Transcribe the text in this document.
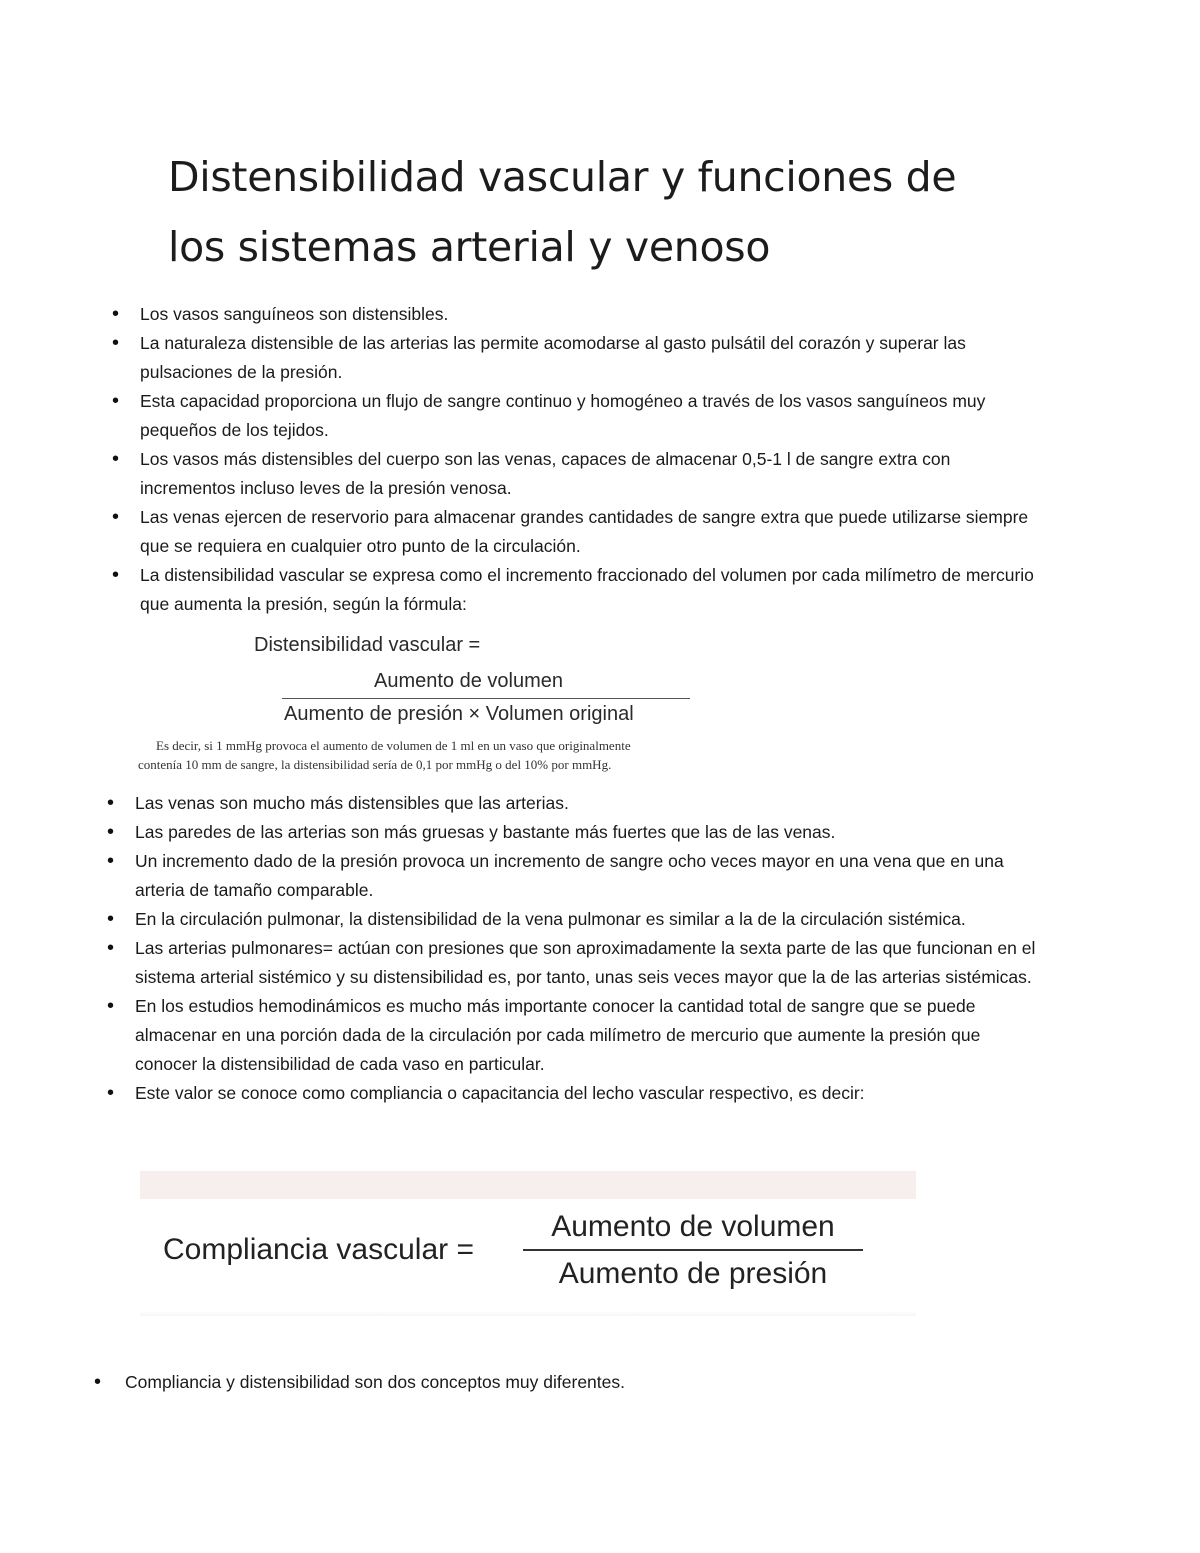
Distensibilidad vascular y funciones de
los sistemas arterial y venoso
• Los vasos sanguíneos son distensibles.
• La naturaleza distensible de las arterias las permite acomodarse al gasto pulsátil del corazón y superar las pulsaciones de la presión.
• Esta capacidad proporciona un flujo de sangre continuo y homogéneo a través de los vasos sanguíneos muy pequeños de los tejidos.
• Los vasos más distensibles del cuerpo son las venas, capaces de almacenar 0,5-1 l de sangre extra con incrementos incluso leves de la presión venosa.
• Las venas ejercen de reservorio para almacenar grandes cantidades de sangre extra que puede utilizarse siempre que se requiera en cualquier otro punto de la circulación.
• La distensibilidad vascular se expresa como el incremento fraccionado del volumen por cada milímetro de mercurio que aumenta la presión, según la fórmula:
Distensibilidad vascular =
Aumento de volumen
Aumento de presión × Volumen original
Es decir, si 1 mmHg provoca el aumento de volumen de 1 ml en un vaso que originalmente
contenía 10 mm de sangre, la distensibilidad sería de 0,1 por mmHg o del 10% por mmHg.
• Las venas son mucho más distensibles que las arterias.
• Las paredes de las arterias son más gruesas y bastante más fuertes que las de las venas.
• Un incremento dado de la presión provoca un incremento de sangre ocho veces mayor en una vena que en una arteria de tamaño comparable.
• En la circulación pulmonar, la distensibilidad de la vena pulmonar es similar a la de la circulación sistémica.
• Las arterias pulmonares= actúan con presiones que son aproximadamente la sexta parte de las que funcionan en el sistema arterial sistémico y su distensibilidad es, por tanto, unas seis veces mayor que la de las arterias sistémicas.
• En los estudios hemodinámicos es mucho más importante conocer la cantidad total de sangre que se puede almacenar en una porción dada de la circulación por cada milímetro de mercurio que aumente la presión que conocer la distensibilidad de cada vaso en particular.
• Este valor se conoce como compliancia o capacitancia del lecho vascular respectivo, es decir:
Compliancia vascular =
Aumento de volumen
Aumento de presión
• Compliancia y distensibilidad son dos conceptos muy diferentes.
